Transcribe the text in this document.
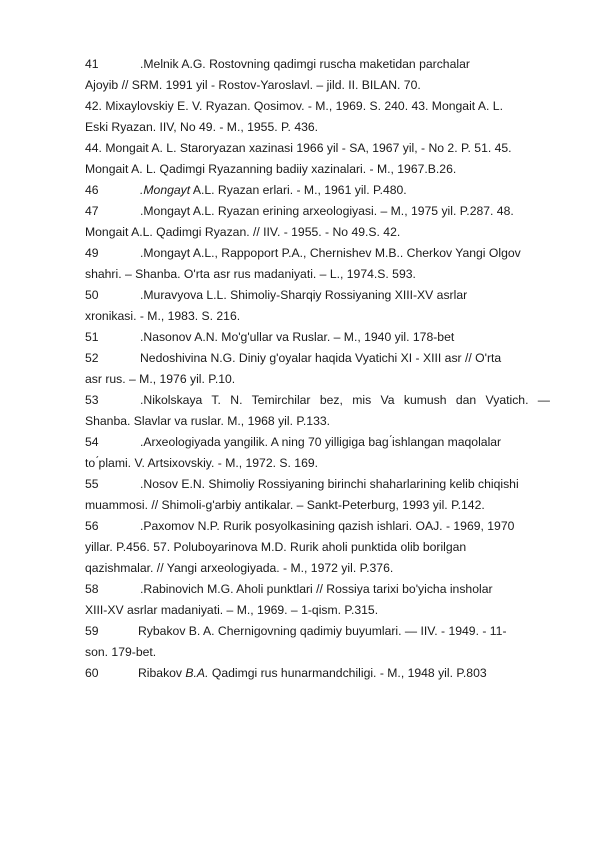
41	.Melnik A.G. Rostovning qadimgi ruscha maketidan parchalar
Ajoyib // SRM. 1991 yil - Rostov-Yaroslavl. – jild. II. BILAN. 70.
42. Mixaylovskiy E. V. Ryazan. Qosimov. - M., 1969. S. 240. 43. Mongait A. L.
Eski Ryazan. IIV, No 49. - M., 1955. P. 436.
44. Mongait A. L. Staroryazan xazinasi 1966 yil - SA, 1967 yil, - No 2. P. 51. 45.
Mongait A. L. Qadimgi Ryazanning badiiy xazinalari. - M., 1967.B.26.
46	.Mongayt A.L. Ryazan erlari. - M., 1961 yil. P.480.
47	.Mongayt A.L. Ryazan erining arxeologiyasi. – M., 1975 yil. P.287. 48.
Mongait A.L. Qadimgi Ryazan. // IIV. - 1955. - No 49.S. 42.
49	.Mongayt A.L., Rappoport P.A., Chernishev M.B.. Cherkov Yangi Olgov
shahri. – Shanba. O'rta asr rus madaniyati. – L., 1974.S. 593.
50	.Muravyova L.L. Shimoliy-Sharqiy Rossiyaning XIII-XV asrlar
xronikasi. - M., 1983. S. 216.
51	.Nasonov A.N. Mo'g'ullar va Ruslar. – M., 1940 yil. 178-bet
52	Nedoshivina N.G. Diniy g'oyalar haqida Vyatichi XI - XIII asr // O'rta
asr rus. – M., 1976 yil. P.10.
53	.Nikolskaya T. N. Temirchilar bez, mis Va kumush dan Vyatich. —
Shanba. Slavlar va ruslar. M., 1968 yil. P.133.
54	.Arxeologiyada yangilik. A ning 70 yilligiga bag ́ishlangan maqolalar
to ́plami. V. Artsixovskiy. - M., 1972. S. 169.
55	.Nosov E.N. Shimoliy Rossiyaning birinchi shaharlarining kelib chiqishi
muammosi. // Shimoli-g'arbiy antikalar. – Sankt-Peterburg, 1993 yil. P.142.
56	.Paxomov N.P. Rurik posyolkasining qazish ishlari. OAJ. - 1969, 1970
yillar. P.456. 57. Poluboyarinova M.D. Rurik aholi punktida olib borilgan
qazishmalar. // Yangi arxeologiyada. - M., 1972 yil. P.376.
58	.Rabinovich M.G. Aholi punktlari // Rossiya tarixi bo'yicha insholar
XIII-XV asrlar madaniyati. – M., 1969. – 1-qism. P.315.
59	Rybakov B. A. Chernigovning qadimiy buyumlari. — IIV. - 1949. - 11-
son. 179-bet.
60	Ribakov B.A. Qadimgi rus hunarmandchiligi. - M., 1948 yil. P.803
